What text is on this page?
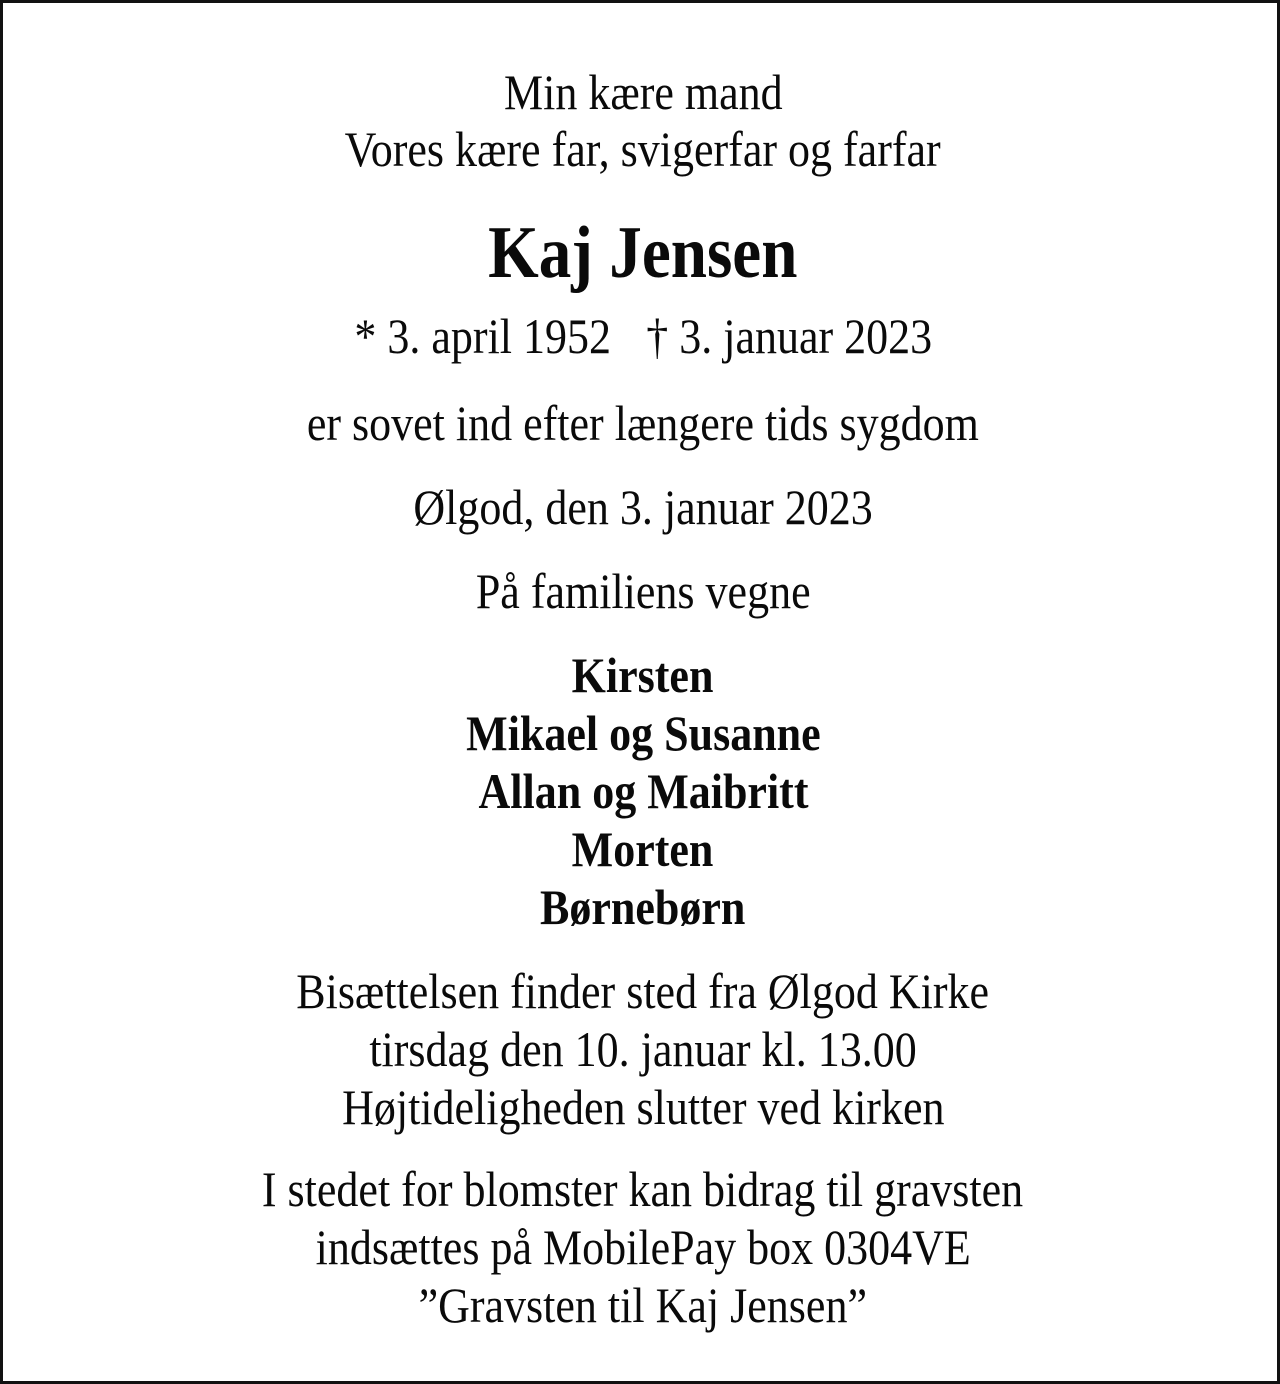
Min kære mand
Vores kære far, svigerfar og farfar
Kaj Jensen
* 3. april 1952 † 3. januar 2023
er sovet ind efter længere tids sygdom
Ølgod, den 3. januar 2023
På familiens vegne
Kirsten
Mikael og Susanne
Allan og Maibritt
Morten
Børnebørn
Bisættelsen finder sted fra Ølgod Kirke
tirsdag den 10. januar kl. 13.00
Højtideligheden slutter ved kirken
I stedet for blomster kan bidrag til gravsten
indsættes på MobilePay box 0304VE
”Gravsten til Kaj Jensen”
